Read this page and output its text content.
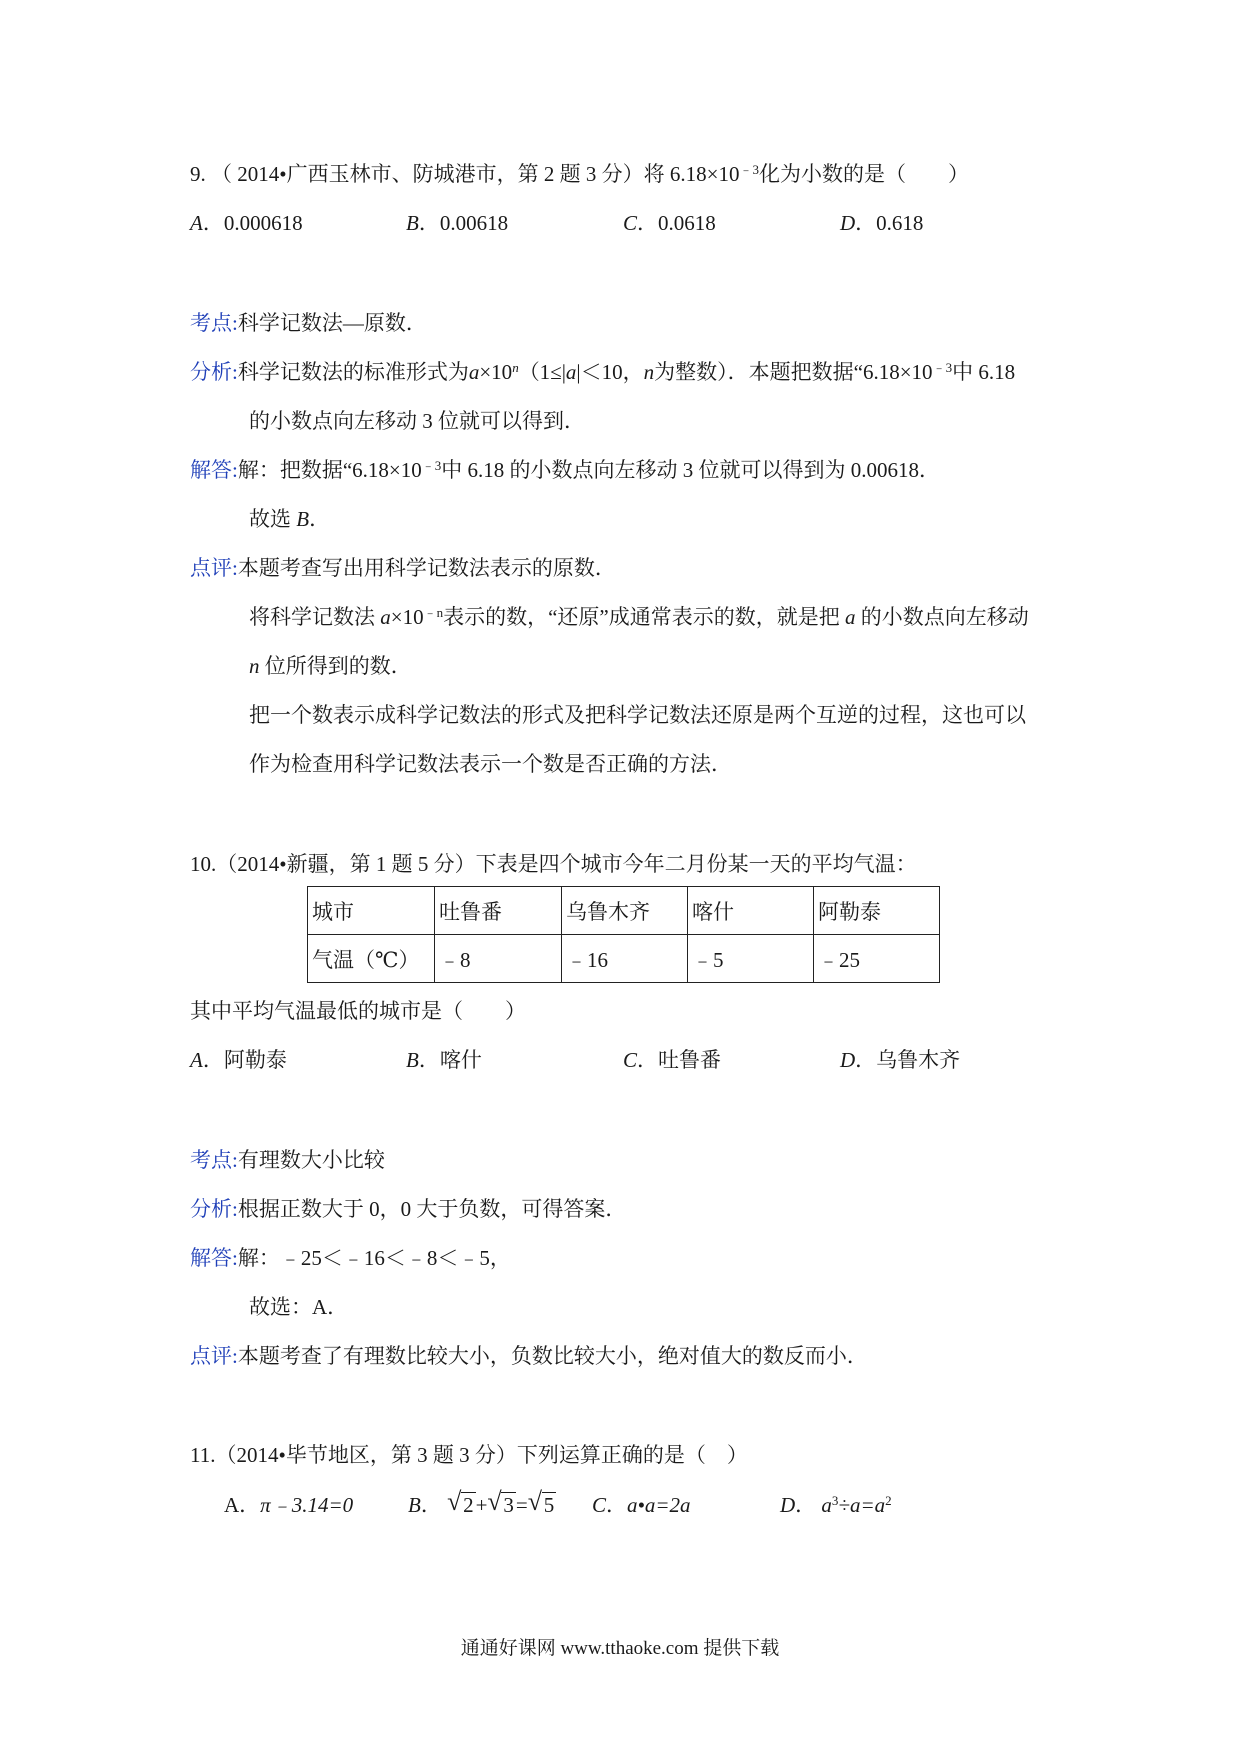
9. （ 2014•广西玉林市、防城港市，第 2 题 3 分）将 $6.18\times 10^{﹣3}$化为小数的是（　　）
A．0.000618	B．0.00618	C．0.0618	D．0.618
考点:科学记数法—原数．
分析:科学记数法的标准形式为$a\times 10^n(1\le|a|<10$，n为整数）．本题把数据“$6.18\times 10^{﹣3}$中 6.18
的小数点向左移动 3 位就可以得到．
解答:解：把数据“$6.18\times 10^{﹣3}$中 6.18 的小数点向左移动 3 位就可以得到为 0.00618．
故选 B．
点评:本题考查写出用科学记数法表示的原数．
将科学记数法 $a\times 10^{﹣n}$表示的数，“还原”成通常表示的数，就是把 a 的小数点向左移动
n 位所得到的数．
把一个数表示成科学记数法的形式及把科学记数法还原是两个互逆的过程，这也可以
作为检查用科学记数法表示一个数是否正确的方法．
10.（2014•新疆，第 1 题 5 分）下表是四个城市今年二月份某一天的平均气温：
城市	吐鲁番	乌鲁木齐	喀什	阿勒泰
气温（℃）	﹣8	﹣16	﹣5	﹣25
其中平均气温最低的城市是（　　）
A．阿勒泰	B．喀什	C．吐鲁番	D．乌鲁木齐
考点:有理数大小比较
分析:根据正数大于 0，0 大于负数，可得答案．
解答:解：﹣25＜﹣16＜﹣8＜﹣5，
故选：A．
点评:本题考查了有理数比较大小，负数比较大小，绝对值大的数反而小．
11.（2014•毕节地区，第 3 题 3 分）下列运算正确的是（　）
A．π﹣3.14=0	B． √ 2+ √ 3= √ 5 C．a•a=2a	D． $a^3\div a=a^2$
通通好课网 www.tthaoke.com 提供下载
